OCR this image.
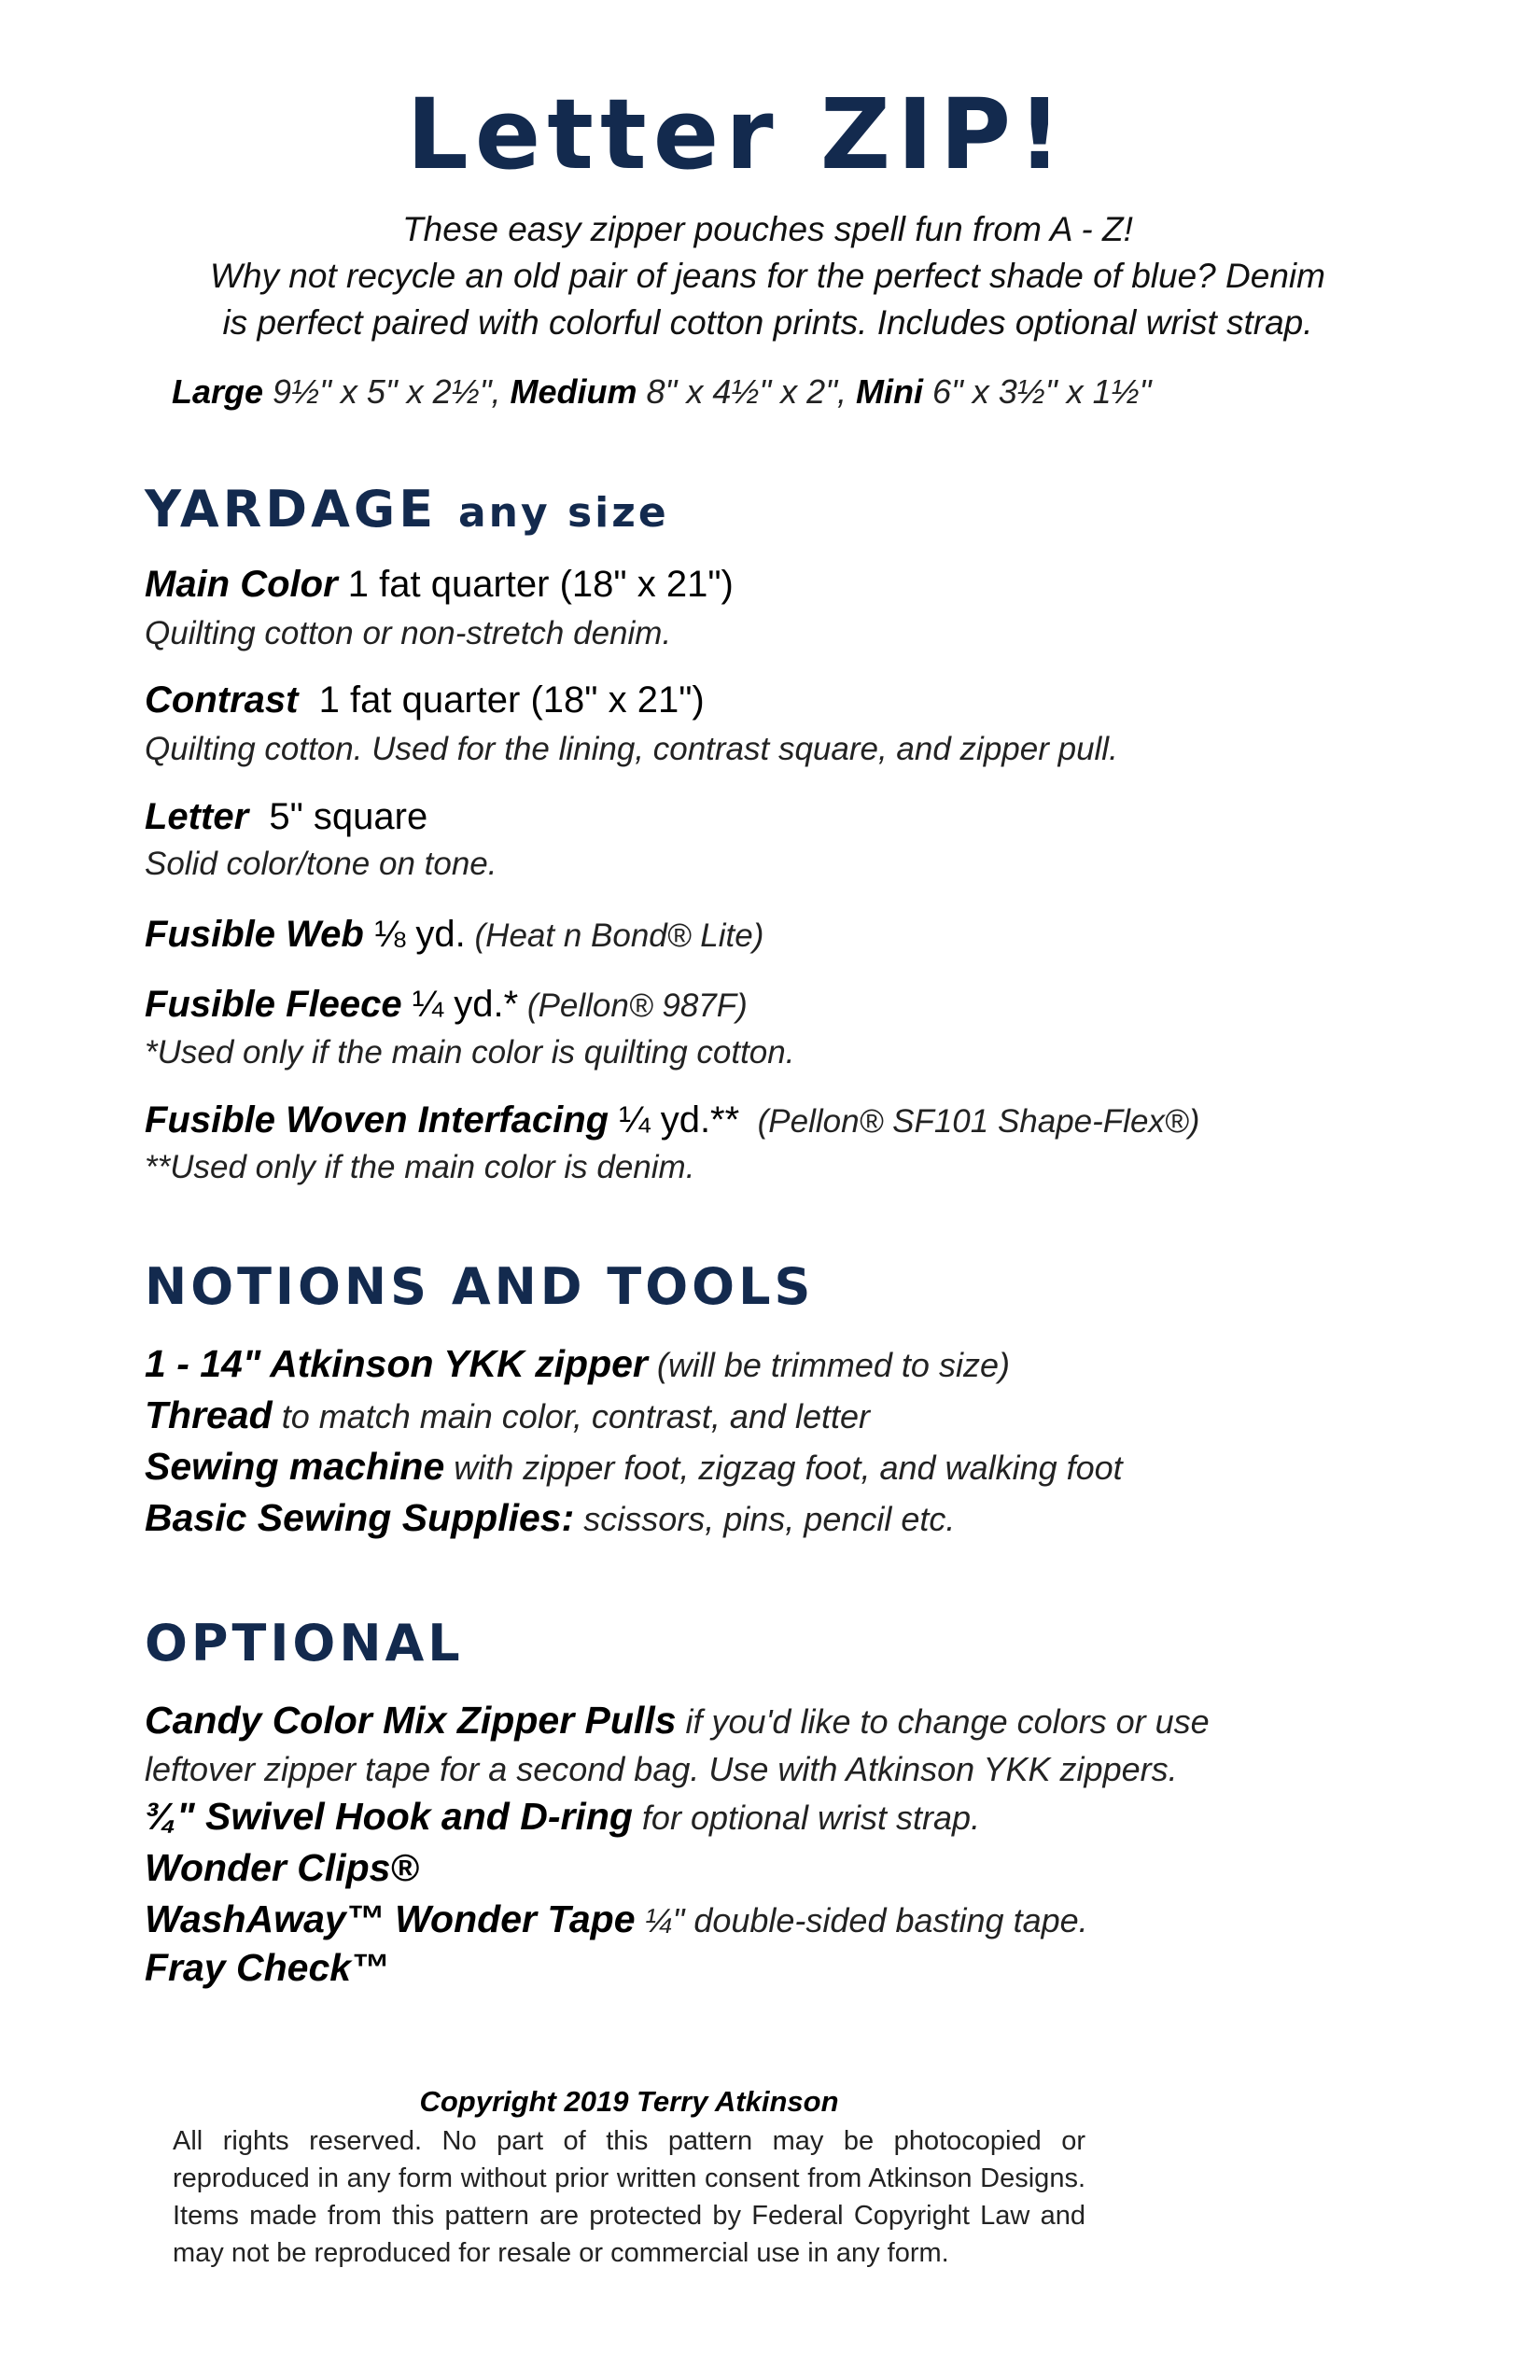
Letter ZIP!
These easy zipper pouches spell fun from A - Z!
Why not recycle an old pair of jeans for the perfect shade of blue? Denim
is perfect paired with colorful cotton prints. Includes optional wrist strap.
Large 9½" x 5" x 2½", Medium 8" x 4½" x 2", Mini 6" x 3½" x 1½"
YARDAGE any size
Main Color 1 fat quarter (18" x 21")
Quilting cotton or non-stretch denim.
Contrast  1 fat quarter (18" x 21")
Quilting cotton. Used for the lining, contrast square, and zipper pull.
Letter  5" square
Solid color/tone on tone.
Fusible Web ⅛ yd. (Heat n Bond® Lite)
Fusible Fleece ¼ yd.* (Pellon® 987F)
*Used only if the main color is quilting cotton.
Fusible Woven Interfacing ¼ yd.**  (Pellon® SF101 Shape-Flex®)
**Used only if the main color is denim.
NOTIONS AND TOOLS
1 - 14" Atkinson YKK zipper (will be trimmed to size)
Thread to match main color, contrast, and letter
Sewing machine with zipper foot, zigzag foot, and walking foot
Basic Sewing Supplies: scissors, pins, pencil etc.
OPTIONAL
Candy Color Mix Zipper Pulls if you'd like to change colors or use
leftover zipper tape for a second bag. Use with Atkinson YKK zippers.
¾" Swivel Hook and D-ring for optional wrist strap.
Wonder Clips®
WashAway™ Wonder Tape ¼" double-sided basting tape.
Fray Check™
Copyright 2019 Terry Atkinson
All rights reserved. No part of this pattern may be photocopied or reproduced in any form without prior written consent from Atkinson Designs. Items made from this pattern are protected by Federal Copyright Law and may not be reproduced for resale or commercial use in any form.
